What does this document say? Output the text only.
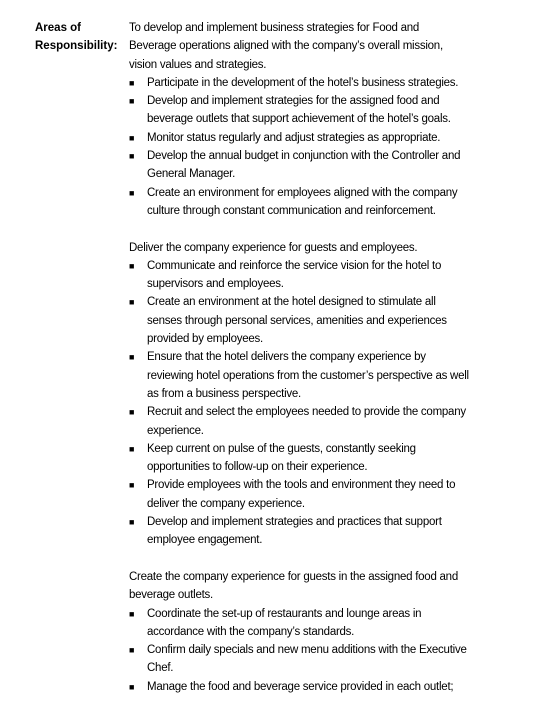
Areas of
Responsibility:

To develop and implement business strategies for Food and Beverage operations aligned with the company’s overall mission, vision values and strategies.

■	Participate in the development of the hotel’s business strategies.
■	Develop and implement strategies for the assigned food and beverage outlets that support achievement of the hotel’s goals.
■	Monitor status regularly and adjust strategies as appropriate.
■	Develop the annual budget in conjunction with the Controller and General Manager.
■	Create an environment for employees aligned with the company culture through constant communication and reinforcement.

Deliver the company experience for guests and employees.

■	Communicate and reinforce the service vision for the hotel to supervisors and employees.
■	Create an environment at the hotel designed to stimulate all senses through personal services, amenities and experiences provided by employees.
■	Ensure that the hotel delivers the company experience by reviewing hotel operations from the customer’s perspective as well as from a business perspective.
■	Recruit and select the employees needed to provide the company experience.
■	Keep current on pulse of the guests, constantly seeking opportunities to follow-up on their experience.
■	Provide employees with the tools and environment they need to deliver the company experience.
■	Develop and implement strategies and practices that support employee engagement.

Create the company experience for guests in the assigned food and beverage outlets.

■	Coordinate the set-up of restaurants and lounge areas in accordance with the company’s standards.
■	Confirm daily specials and new menu additions with the Executive Chef.
■	Manage the food and beverage service provided in each outlet;
